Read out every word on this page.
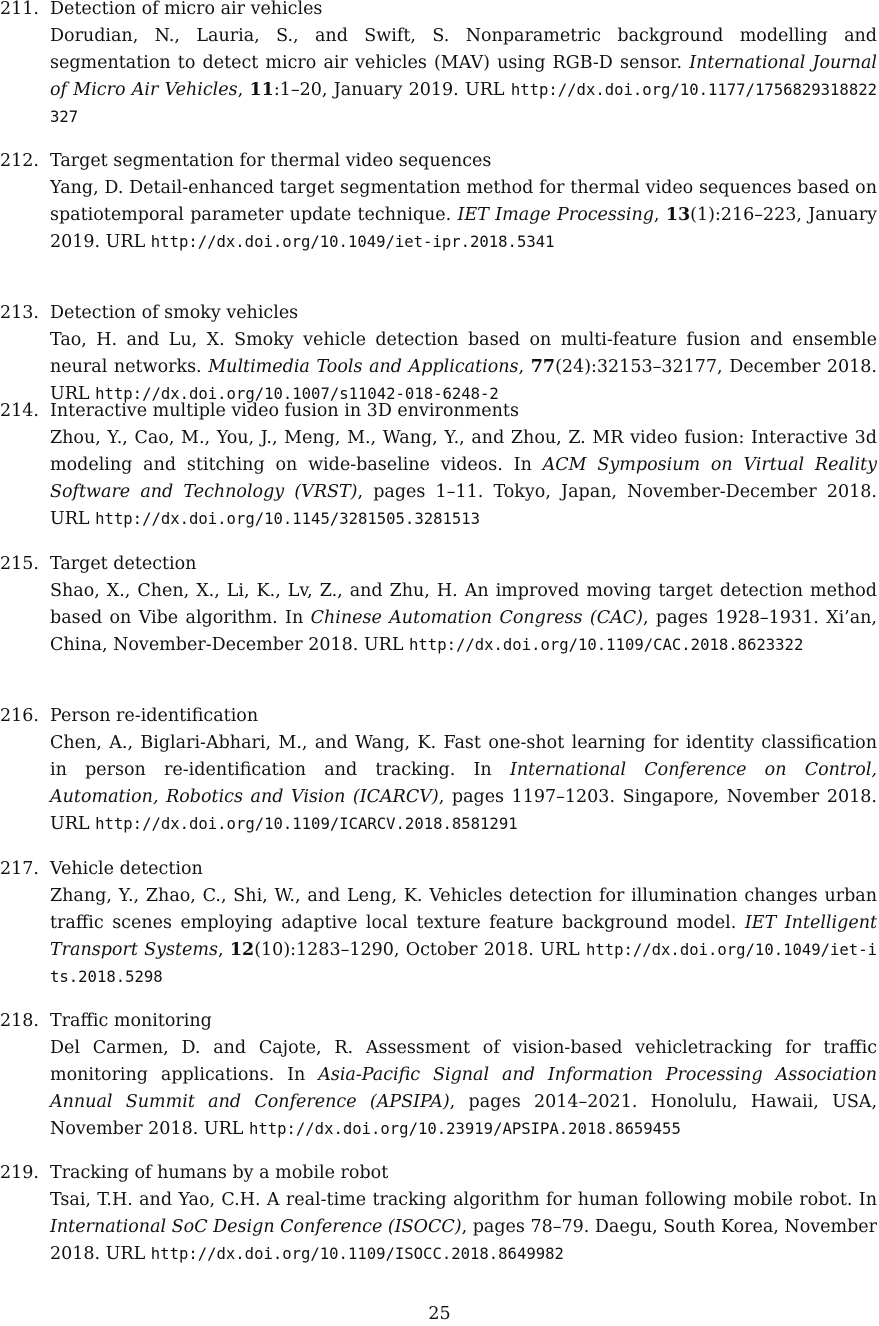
211. Detection of micro air vehicles
Dorudian, N., Lauria, S., and Swift, S. Nonparametric background modelling and segmentation to detect micro air vehicles (MAV) using RGB-D sensor. International Journal of Micro Air Vehicles, 11:1–20, January 2019. URL http://dx.doi.org/10.1177/1756829318822327
212. Target segmentation for thermal video sequences
Yang, D. Detail-enhanced target segmentation method for thermal video sequences based on spatiotemporal parameter update technique. IET Image Processing, 13(1):216–223, January 2019. URL http://dx.doi.org/10.1049/iet-ipr.2018.5341
213. Detection of smoky vehicles
Tao, H. and Lu, X. Smoky vehicle detection based on multi-feature fusion and ensemble neural networks. Multimedia Tools and Applications, 77(24):32153–32177, December 2018. URL http://dx.doi.org/10.1007/s11042-018-6248-2
214. Interactive multiple video fusion in 3D environments
Zhou, Y., Cao, M., You, J., Meng, M., Wang, Y., and Zhou, Z. MR video fusion: Interactive 3d modeling and stitching on wide-baseline videos. In ACM Symposium on Virtual Reality Software and Technology (VRST), pages 1–11. Tokyo, Japan, November-December 2018. URL http://dx.doi.org/10.1145/3281505.3281513
215. Target detection
Shao, X., Chen, X., Li, K., Lv, Z., and Zhu, H. An improved moving target detection method based on Vibe algorithm. In Chinese Automation Congress (CAC), pages 1928–1931. Xi’an, China, November-December 2018. URL http://dx.doi.org/10.1109/CAC.2018.8623322
216. Person re-identification
Chen, A., Biglari-Abhari, M., and Wang, K. Fast one-shot learning for identity classification in person re-identification and tracking. In International Conference on Control, Automation, Robotics and Vision (ICARCV), pages 1197–1203. Singapore, November 2018. URL http://dx.doi.org/10.1109/ICARCV.2018.8581291
217. Vehicle detection
Zhang, Y., Zhao, C., Shi, W., and Leng, K. Vehicles detection for illumination changes urban traffic scenes employing adaptive local texture feature background model. IET Intelligent Transport Systems, 12(10):1283–1290, October 2018. URL http://dx.doi.org/10.1049/iet-its.2018.5298
218. Traffic monitoring
Del Carmen, D. and Cajote, R. Assessment of vision-based vehicletracking for traffic monitoring applications. In Asia-Pacific Signal and Information Processing Association Annual Summit and Conference (APSIPA), pages 2014–2021. Honolulu, Hawaii, USA, November 2018. URL http://dx.doi.org/10.23919/APSIPA.2018.8659455
219. Tracking of humans by a mobile robot
Tsai, T.H. and Yao, C.H. A real-time tracking algorithm for human following mobile robot. In International SoC Design Conference (ISOCC), pages 78–79. Daegu, South Korea, November 2018. URL http://dx.doi.org/10.1109/ISOCC.2018.8649982
25
